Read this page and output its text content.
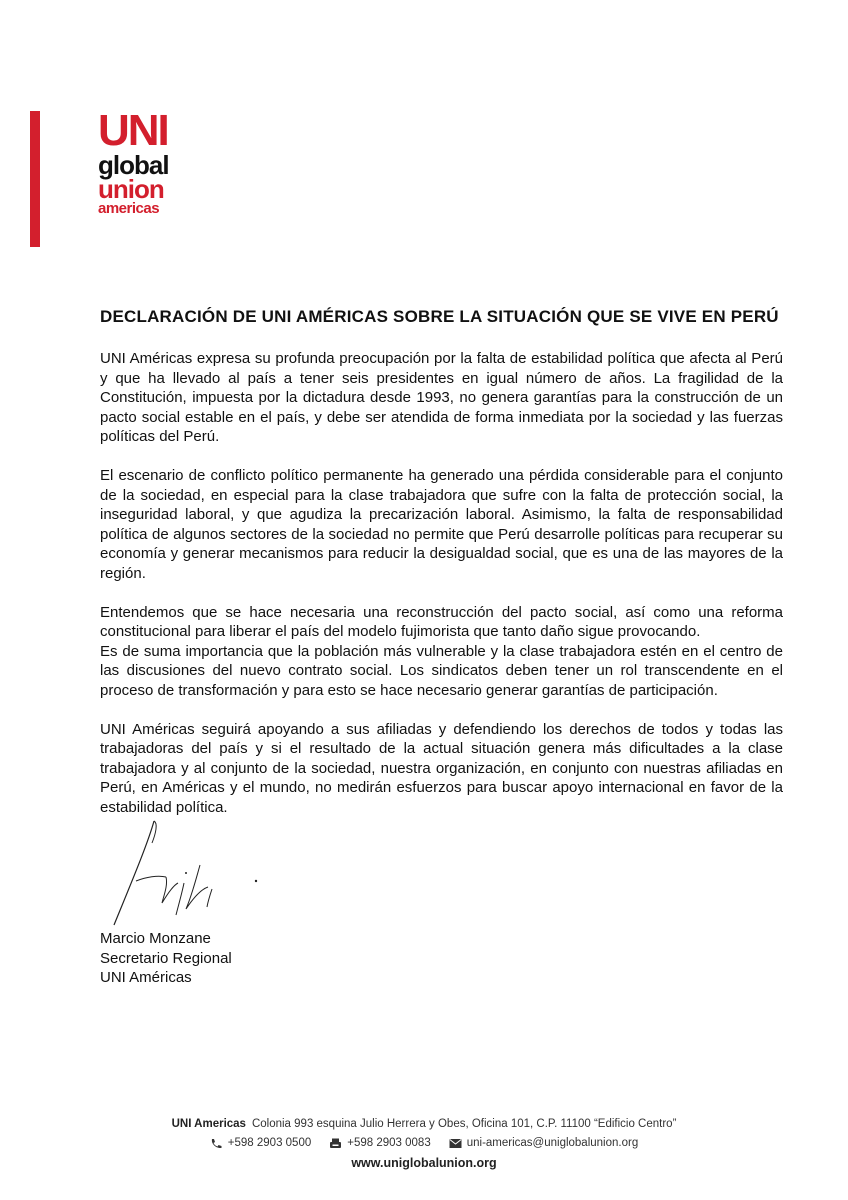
UNI
global
union
americas
DECLARACIÓN DE UNI AMÉRICAS SOBRE LA SITUACIÓN QUE SE VIVE EN PERÚ

UNI Américas expresa su profunda preocupación por la falta de estabilidad política que afecta al Perú y que ha llevado al país a tener seis presidentes en igual número de años. La fragilidad de la Constitución, impuesta por la dictadura desde 1993, no genera garantías para la construcción de un pacto social estable en el país, y debe ser atendida de forma inmediata por la sociedad y las fuerzas políticas del Perú.

El escenario de conflicto político permanente ha generado una pérdida considerable para el conjunto de la sociedad, en especial para la clase trabajadora que sufre con la falta de protección social, la inseguridad laboral, y que agudiza la precarización laboral. Asimismo, la falta de responsabilidad política de algunos sectores de la sociedad no permite que Perú desarrolle políticas para recuperar su economía y generar mecanismos para reducir la desigualdad social, que es una de las mayores de la región.

Entendemos que se hace necesaria una reconstrucción del pacto social, así como una reforma constitucional para liberar el país del modelo fujimorista que tanto daño sigue provocando.
Es de suma importancia que la población más vulnerable y la clase trabajadora estén en el centro de las discusiones del nuevo contrato social. Los sindicatos deben tener un rol transcendente en el proceso de transformación y para esto se hace necesario generar garantías de participación.

UNI Américas seguirá apoyando a sus afiliadas y defendiendo los derechos de todos y todas las trabajadoras del país y si el resultado de la actual situación genera más dificultades a la clase trabajadora y al conjunto de la sociedad, nuestra organización, en conjunto con nuestras afiliadas en Perú, en Américas y el mundo, no medirán esfuerzos para buscar apoyo internacional en favor de la estabilidad política.

Marcio Monzane
Secretario Regional
UNI Américas
UNI Americas Colonia 993 esquina Julio Herrera y Obes, Oficina 101, C.P. 11100 “Edificio Centro”
+598 2903 0500	+598 2903 0083	uni-americas@uniglobalunion.org
www.uniglobalunion.org
